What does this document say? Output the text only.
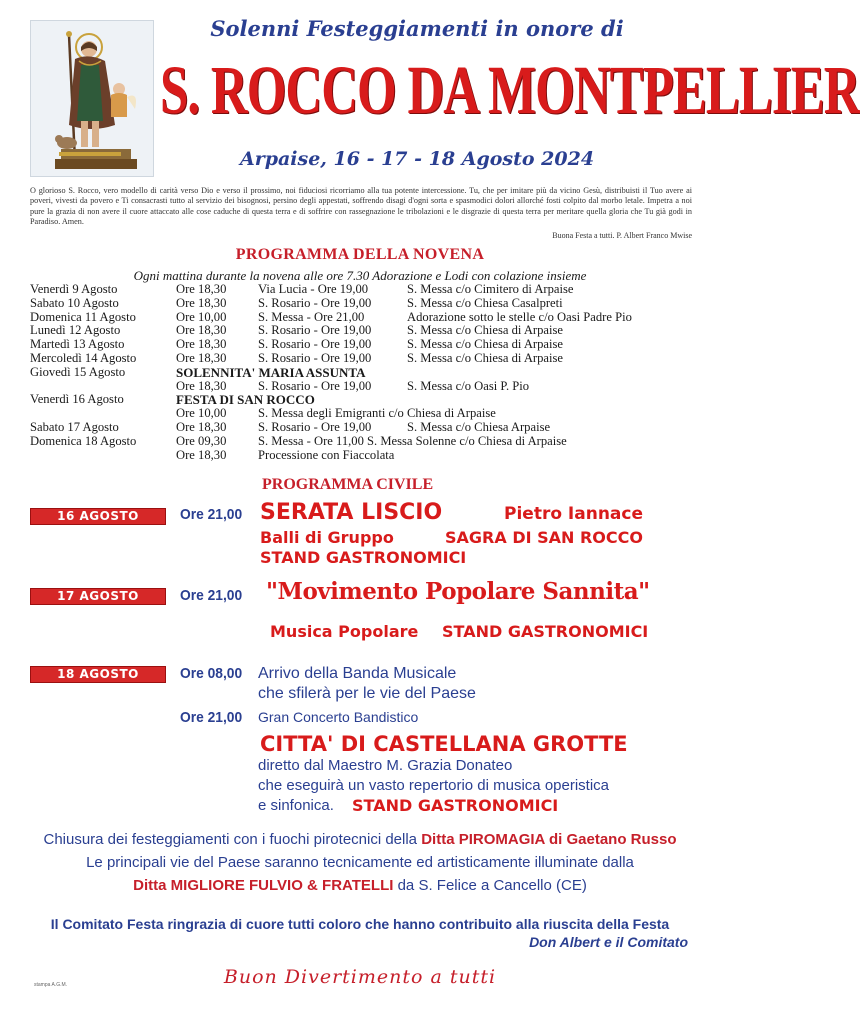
Solenni Festeggiamenti in onore di
S. ROCCO DA MONTPELLIER
Arpaise, 16 - 17 - 18 Agosto 2024
O glorioso S. Rocco, vero modello di carità verso Dio e verso il prossimo, noi fiduciosi ricorriamo alla tua potente intercessione. Tu, che per imitare più da vicino Gesù, distribuisti il Tuo avere ai poveri, vivesti da povero e Ti consacrasti tutto al servizio dei bisognosi, persino degli appestati, soffrendo disagi d'ogni sorta e spasmodici dolori allorché fosti colpito dal morbo letale. Impetra a noi pure la grazia di non avere il cuore attaccato alle cose caduche di questa terra e di soffrire con rassegnazione le tribolazioni e le disgrazie di questa terra per meritare quella gloria che Tu già godi in Paradiso. Amen.
Buona Festa a tutti. P. Albert Franco Mwise
PROGRAMMA DELLA NOVENA
Ogni mattina durante la novena alle ore 7.30 Adorazione e Lodi con colazione insieme
Venerdì 9 Agosto	Ore 18,30	Via Lucia - Ore 19,00	S. Messa c/o Cimitero di Arpaise
Sabato 10 Agosto	Ore 18,30	S. Rosario - Ore 19,00	S. Messa c/o Chiesa Casalpreti
Domenica 11 Agosto	Ore 10,00	S. Messa - Ore 21,00	Adorazione sotto le stelle c/o Oasi Padre Pio
Lunedì 12 Agosto	Ore 18,30	S. Rosario - Ore 19,00	S. Messa c/o Chiesa di Arpaise
Martedì 13 Agosto	Ore 18,30	S. Rosario - Ore 19,00	S. Messa c/o Chiesa di Arpaise
Mercoledì 14 Agosto	Ore 18,30	S. Rosario - Ore 19,00	S. Messa c/o Chiesa di Arpaise
Giovedì 15 Agosto	SOLENNITA' MARIA ASSUNTA
Ore 18,30	S. Rosario - Ore 19,00	S. Messa c/o Oasi P. Pio
Venerdì 16 Agosto	FESTA DI SAN ROCCO
Ore 10,00	S. Messa degli Emigranti c/o Chiesa di Arpaise
Sabato 17 Agosto	Ore 18,30	S. Rosario - Ore 19,00	S. Messa c/o Chiesa Arpaise
Domenica 18 Agosto	Ore 09,30	S. Messa - Ore 11,00 S. Messa Solenne c/o Chiesa di Arpaise
Ore 18,30	Processione con Fiaccolata
PROGRAMMA CIVILE
16 AGOSTO	Ore 21,00 SERATA LISCIO	Pietro Iannace
Balli di Gruppo	SAGRA DI SAN ROCCO
STAND GASTRONOMICI
17 AGOSTO	Ore 21,00 "Movimento Popolare Sannita"
Musica Popolare STAND GASTRONOMICI
18 AGOSTO	Ore 08,00 Arrivo della Banda Musicale
che sfilerà per le vie del Paese
Ore 21,00 Gran Concerto Bandistico
CITTA' DI CASTELLANA GROTTE
diretto dal Maestro M. Grazia Donateo
che eseguirà un vasto repertorio di musica operistica
e sinfonica. STAND GASTRONOMICI
Chiusura dei festeggiamenti con i fuochi pirotecnici della Ditta PIROMAGIA di Gaetano Russo
Le principali vie del Paese saranno tecnicamente ed artisticamente illuminate dalla
Ditta MIGLIORE FULVIO & FRATELLI da S. Felice a Cancello (CE)
Il Comitato Festa ringrazia di cuore tutti coloro che hanno contribuito alla riuscita della Festa
Don Albert e il Comitato
stampa A.G.M.	Buon Divertimento a tutti
